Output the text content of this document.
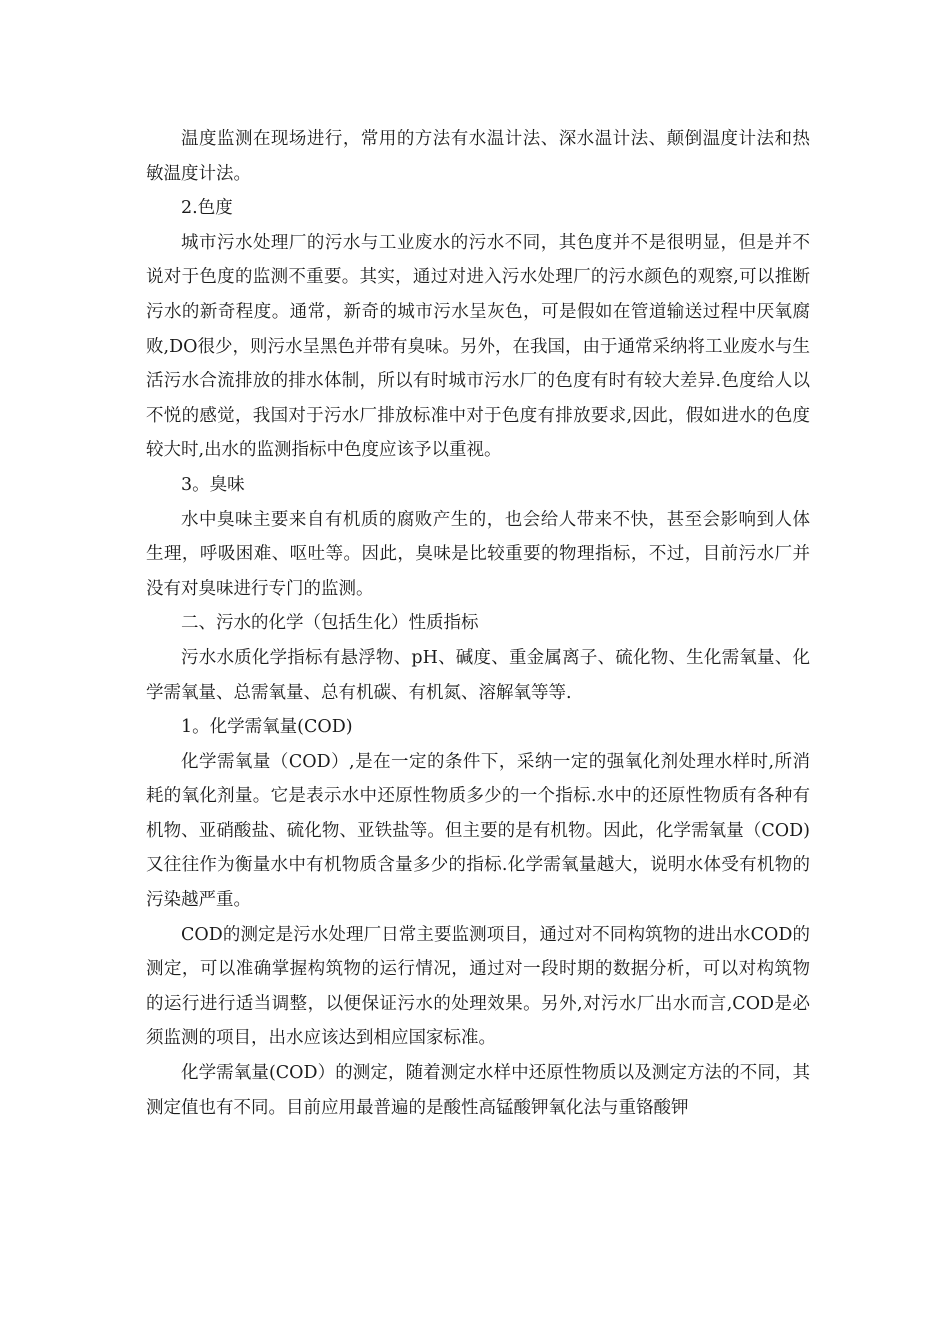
温度监测在现场进行，常用的方法有水温计法、深水温计法、颠倒温度计法和热敏温度计法。

2.色度

城市污水处理厂的污水与工业废水的污水不同，其色度并不是很明显，但是并不说对于色度的监测不重要。其实，通过对进入污水处理厂的污水颜色的观察,可以推断污水的新奇程度。通常，新奇的城市污水呈灰色，可是假如在管道输送过程中厌氧腐败,DO很少，则污水呈黑色并带有臭味。另外，在我国，由于通常采纳将工业废水与生活污水合流排放的排水体制，所以有时城市污水厂的色度有时有较大差异.色度给人以不悦的感觉，我国对于污水厂排放标准中对于色度有排放要求,因此，假如进水的色度较大时,出水的监测指标中色度应该予以重视。

3。臭味

水中臭味主要来自有机质的腐败产生的，也会给人带来不快，甚至会影响到人体生理，呼吸困难、呕吐等。因此，臭味是比较重要的物理指标，不过，目前污水厂并没有对臭味进行专门的监测。

二、污水的化学（包括生化）性质指标

污水水质化学指标有悬浮物、pH、碱度、重金属离子、硫化物、生化需氧量、化学需氧量、总需氧量、总有机碳、有机氮、溶解氧等等.

1。化学需氧量(COD)

化学需氧量（COD）,是在一定的条件下，采纳一定的强氧化剂处理水样时,所消耗的氧化剂量。它是表示水中还原性物质多少的一个指标.水中的还原性物质有各种有机物、亚硝酸盐、硫化物、亚铁盐等。但主要的是有机物。因此，化学需氧量（COD)又往往作为衡量水中有机物质含量多少的指标.化学需氧量越大，说明水体受有机物的污染越严重。

COD的测定是污水处理厂日常主要监测项目，通过对不同构筑物的进出水COD的测定，可以准确掌握构筑物的运行情况，通过对一段时期的数据分析，可以对构筑物的运行进行适当调整，以便保证污水的处理效果。另外,对污水厂出水而言,COD是必须监测的项目，出水应该达到相应国家标准。

化学需氧量(COD）的测定，随着测定水样中还原性物质以及测定方法的不同，其测定值也有不同。目前应用最普遍的是酸性高锰酸钾氧化法与重铬酸钾
